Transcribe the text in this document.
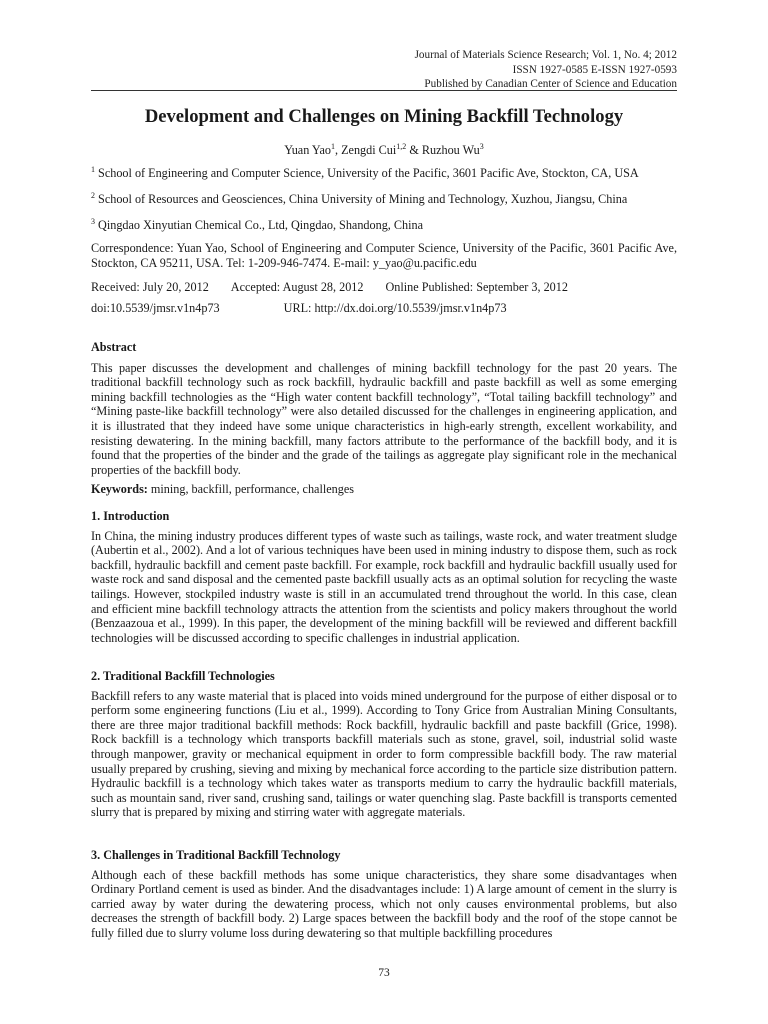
Journal of Materials Science Research; Vol. 1, No. 4; 2012
ISSN 1927-0585 E-ISSN 1927-0593
Published by Canadian Center of Science and Education
Development and Challenges on Mining Backfill Technology
Yuan Yao$^1$, Zengdi Cui$^{1,2}$ & Ruzhou Wu$^3$

$^1$ School of Engineering and Computer Science, University of the Pacific, 3601 Pacific Ave, Stockton, CA, USA

$^2$ School of Resources and Geosciences, China University of Mining and Technology, Xuzhou, Jiangsu, China

$^3$ Qingdao Xinyutian Chemical Co., Ltd, Qingdao, Shandong, China

Correspondence: Yuan Yao, School of Engineering and Computer Science, University of the Pacific, 3601 Pacific Ave, Stockton, CA 95211, USA. Tel: 1-209-946-7474. E-mail: y_yao@u.pacific.edu

Received: July 20, 2012 Accepted: August 28, 2012 Online Published: September 3, 2012
doi:10.5539/jmsr.v1n4p73	URL: http://dx.doi.org/10.5539/jmsr.v1n4p73

Abstract

This paper discusses the development and challenges of mining backfill technology for the past 20 years. The traditional backfill technology such as rock backfill, hydraulic backfill and paste backfill as well as some emerging mining backfill technologies as the “High water content backfill technology”, “Total tailing backfill technology” and “Mining paste-like backfill technology” were also detailed discussed for the challenges in engineering application, and it is illustrated that they indeed have some unique characteristics in high-early strength, excellent workability, and resisting dewatering. In the mining backfill, many factors attribute to the performance of the backfill body, and it is found that the properties of the binder and the grade of the tailings as aggregate play significant role in the mechanical properties of the backfill body.

Keywords: mining, backfill, performance, challenges

1. Introduction

In China, the mining industry produces different types of waste such as tailings, waste rock, and water treatment sludge (Aubertin et al., 2002). And a lot of various techniques have been used in mining industry to dispose them, such as rock backfill, hydraulic backfill and cement paste backfill. For example, rock backfill and hydraulic backfill usually used for waste rock and sand disposal and the cemented paste backfill usually acts as an optimal solution for recycling the waste tailings. However, stockpiled industry waste is still in an accumulated trend throughout the world. In this case, clean and efficient mine backfill technology attracts the attention from the scientists and policy makers throughout the world (Benzaazoua et al., 1999). In this paper, the development of the mining backfill will be reviewed and different backfill technologies will be discussed according to specific challenges in industrial application.

2. Traditional Backfill Technologies

Backfill refers to any waste material that is placed into voids mined underground for the purpose of either disposal or to perform some engineering functions (Liu et al., 1999). According to Tony Grice from Australian Mining Consultants, there are three major traditional backfill methods: Rock backfill, hydraulic backfill and paste backfill (Grice, 1998). Rock backfill is a technology which transports backfill materials such as stone, gravel, soil, industrial solid waste through manpower, gravity or mechanical equipment in order to form compressible backfill body. The raw material usually prepared by crushing, sieving and mixing by mechanical force according to the particle size distribution pattern. Hydraulic backfill is a technology which takes water as transports medium to carry the hydraulic backfill materials, such as mountain sand, river sand, crushing sand, tailings or water quenching slag. Paste backfill is transports cemented slurry that is prepared by mixing and stirring water with aggregate materials.

3. Challenges in Traditional Backfill Technology

Although each of these backfill methods has some unique characteristics, they share some disadvantages when Ordinary Portland cement is used as binder. And the disadvantages include: 1) A large amount of cement in the slurry is carried away by water during the dewatering process, which not only causes environmental problems, but also decreases the strength of backfill body. 2) Large spaces between the backfill body and the roof of the stope cannot be fully filled due to slurry volume loss during dewatering so that multiple backfilling procedures

73
